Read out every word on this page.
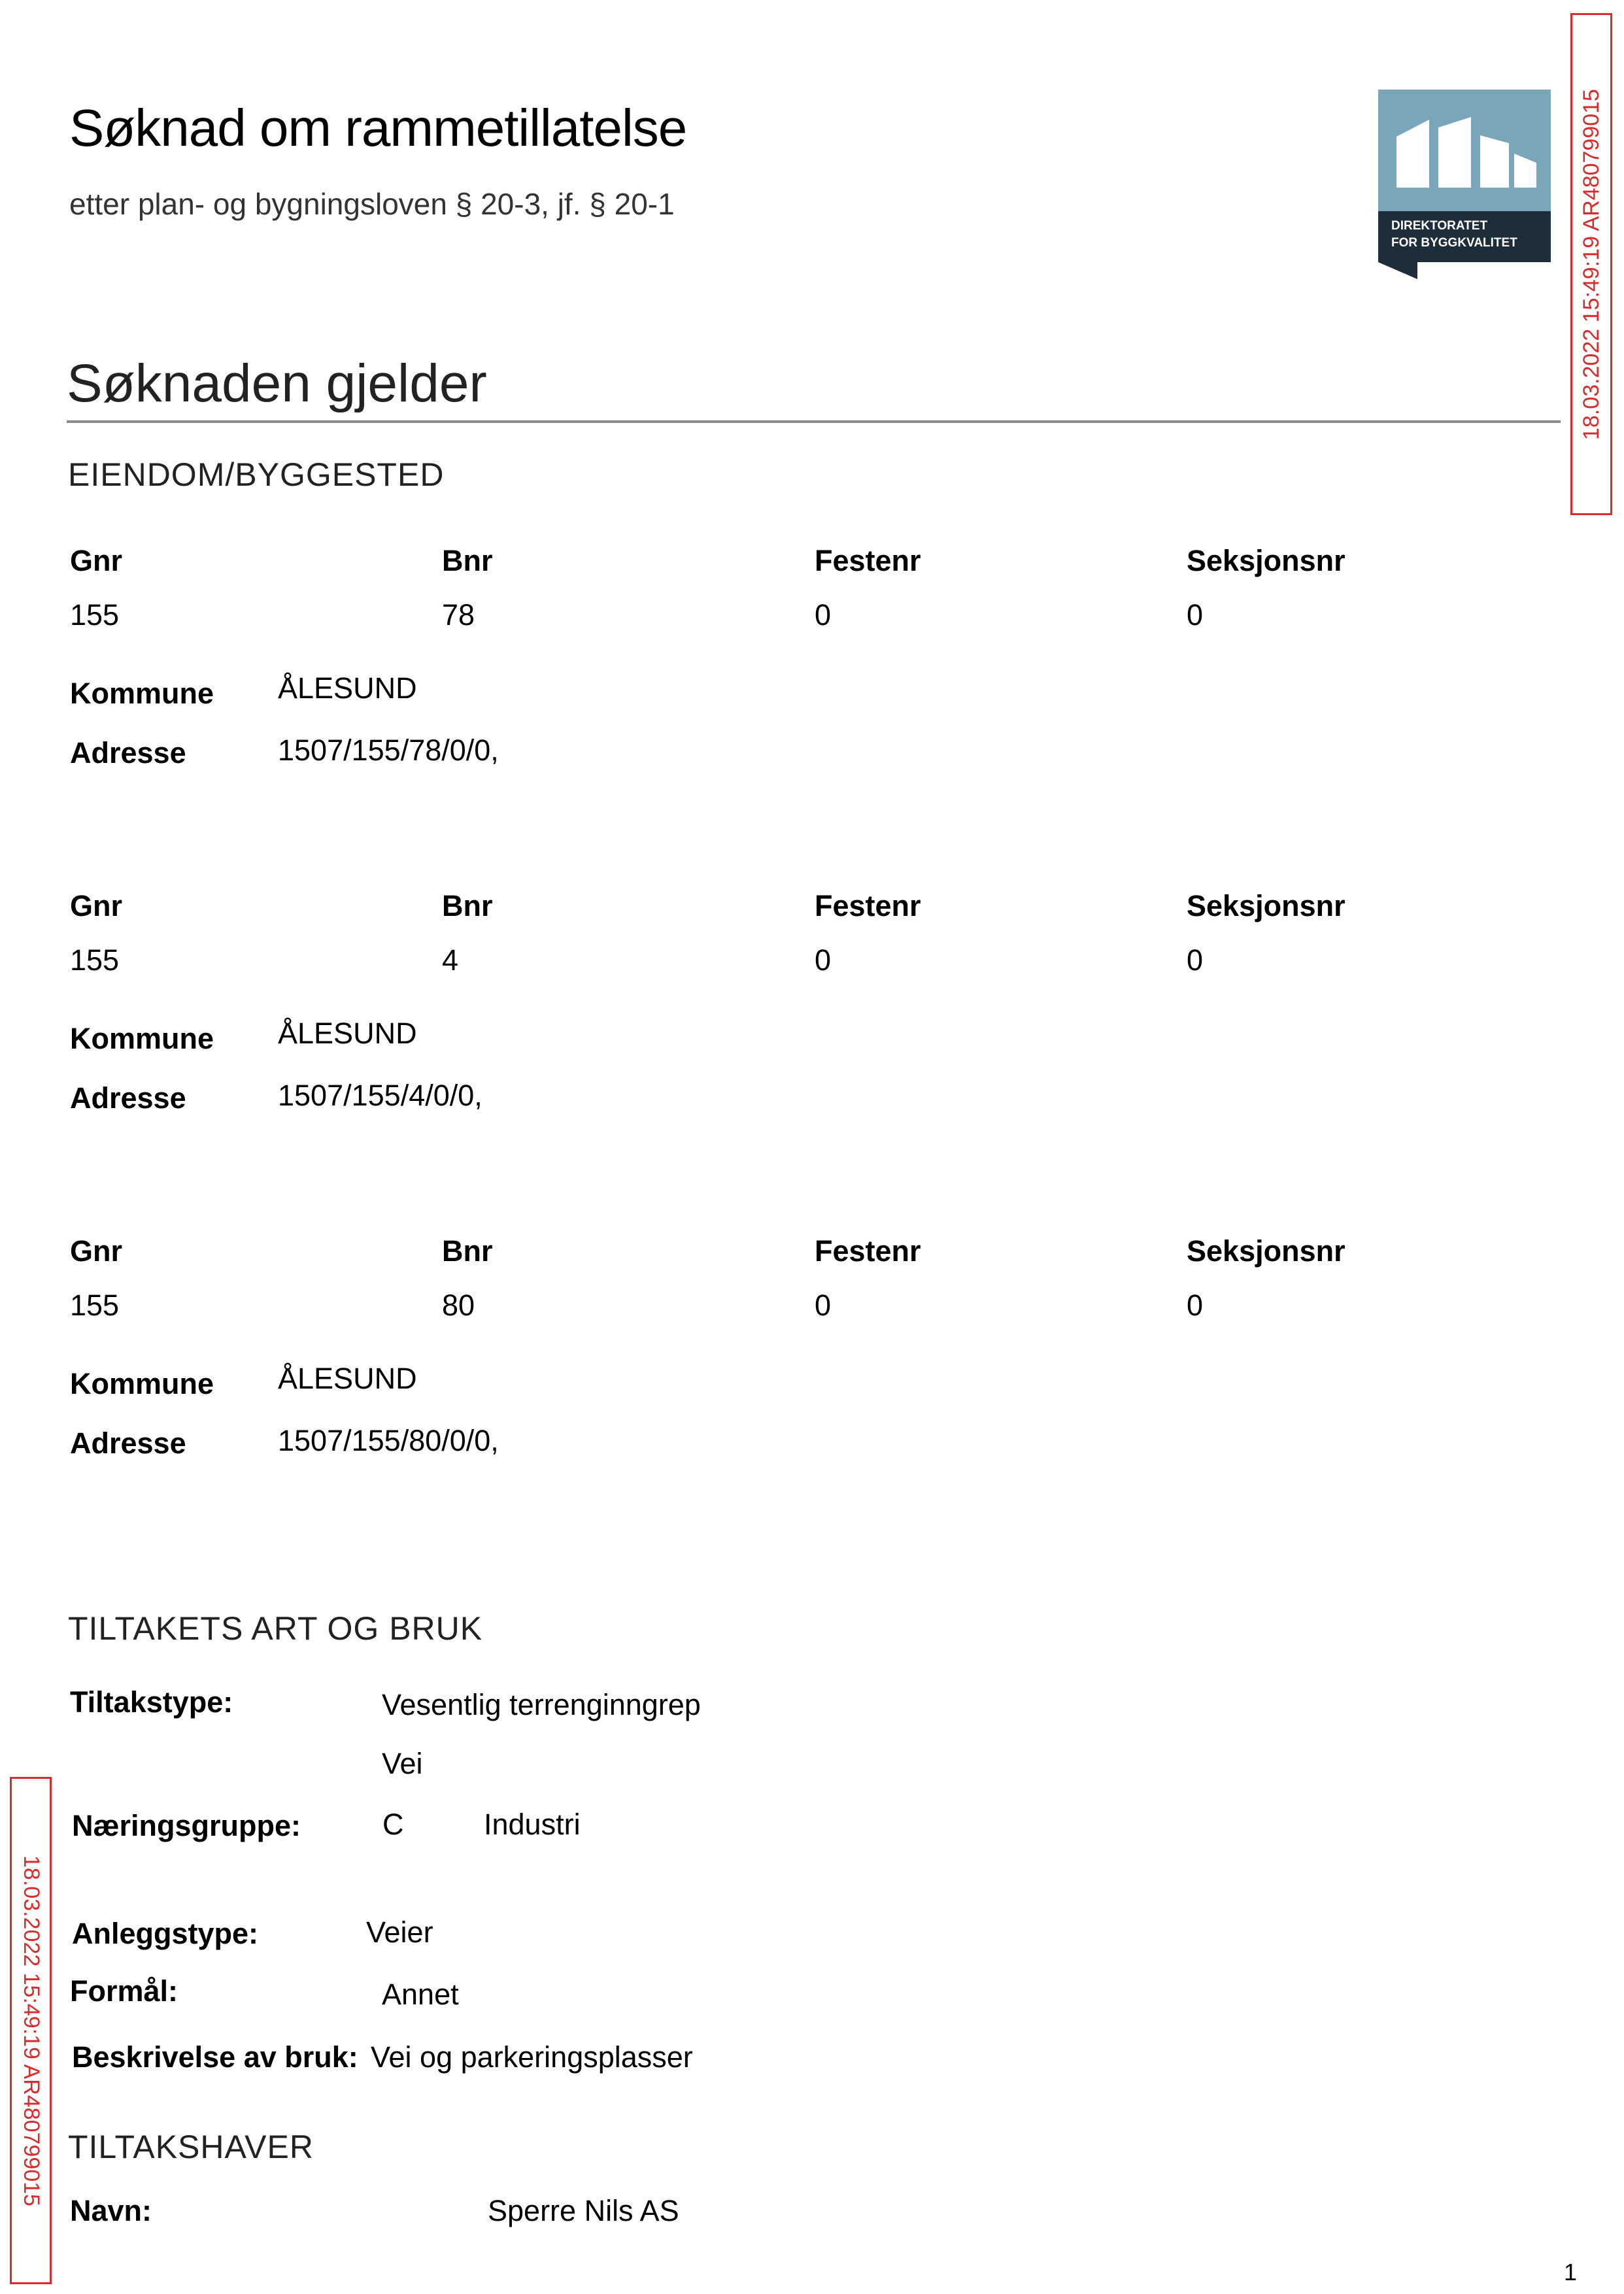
Søknad om rammetillatelse
etter plan- og bygningsloven § 20-3, jf. § 20-1
DIREKTORATET
FOR BYGGKVALITET	18.03.2022 15:49:19 AR480799015
18.03.2022 15:49:19 AR480799015
Søknaden gjelder
EIENDOM/BYGGESTED
Gnr	Bnr	Festenr	Seksjonsnr
155	78	0	0
Kommune ÅLESUND
Adresse	1507/155/78/0/0,
Gnr	Bnr	Festenr	Seksjonsnr
155	4	0	0
Kommune ÅLESUND
Adresse	1507/155/4/0/0,
Gnr	Bnr	Festenr	Seksjonsnr
155	80	0	0
Kommune ÅLESUND
Adresse	1507/155/80/0/0,
TILTAKETS ART OG BRUK
Tiltakstype:	Vesentlig terrenginngrep
Vei
Næringsgruppe:	C	Industri
Anleggstype:	Veier
Formål:	Annet
Beskrivelse av bruk: Vei og parkeringsplasser
TILTAKSHAVER
Navn:	Sperre Nils AS
1
